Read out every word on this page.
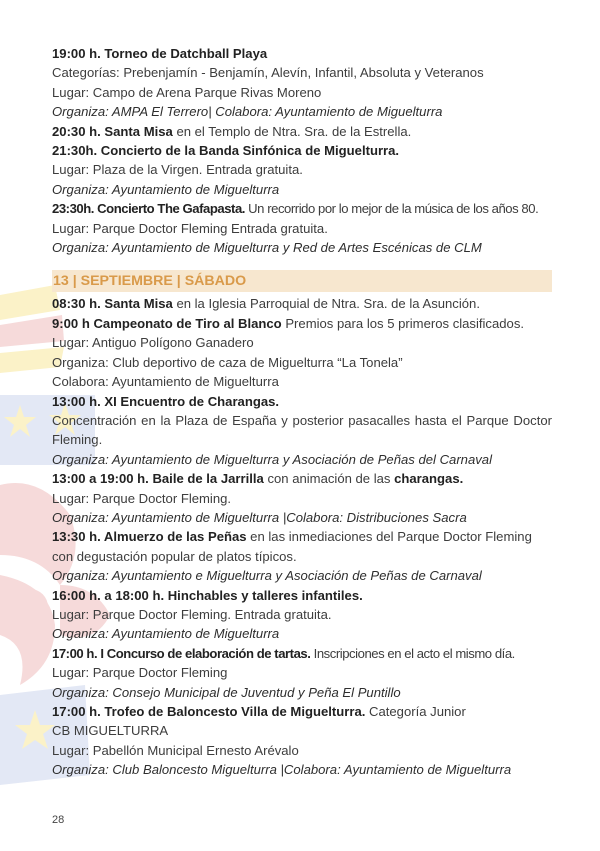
19:00 h. Torneo de Datchball Playa
Categorías: Prebenjamín - Benjamín, Alevín, Infantil, Absoluta y Veteranos
Lugar: Campo de Arena Parque Rivas Moreno
Organiza: AMPA El Terrero| Colabora: Ayuntamiento de Miguelturra
20:30 h. Santa Misa en el Templo de Ntra. Sra. de la Estrella.
21:30h. Concierto de la Banda Sinfónica de Miguelturra.
Lugar: Plaza de la Virgen. Entrada gratuita.
Organiza: Ayuntamiento de Miguelturra
23:30h. Concierto The Gafapasta. Un recorrido por lo mejor de la música de los años 80.
Lugar: Parque Doctor Fleming Entrada gratuita.
Organiza: Ayuntamiento de Miguelturra y Red de Artes Escénicas de CLM
13 | SEPTIEMBRE | SÁBADO
08:30 h. Santa Misa en la Iglesia Parroquial de Ntra. Sra. de la Asunción.
9:00 h Campeonato de Tiro al Blanco Premios para los 5 primeros clasificados.
Lugar: Antiguo Polígono Ganadero
Organiza: Club deportivo de caza de Miguelturra “La Tonela”
Colabora: Ayuntamiento de Miguelturra
13:00 h. XI Encuentro de Charangas.
Concentración en la Plaza de España y posterior pasacalles hasta el Parque Doctor Fleming.
Organiza: Ayuntamiento de Miguelturra y Asociación de Peñas del Carnaval
13:00 a 19:00 h. Baile de la Jarrilla con animación de las charangas.
Lugar: Parque Doctor Fleming.
Organiza: Ayuntamiento de Miguelturra |Colabora: Distribuciones Sacra
13:30 h. Almuerzo de las Peñas en las inmediaciones del Parque Doctor Fleming
con degustación popular de platos típicos.
Organiza: Ayuntamiento e Miguelturra y Asociación de Peñas de Carnaval
16:00 h. a 18:00 h. Hinchables y talleres infantiles.
Lugar: Parque Doctor Fleming. Entrada gratuita.
Organiza: Ayuntamiento de Miguelturra
17:00 h. I Concurso de elaboración de tartas. Inscripciones en el acto el mismo día.
Lugar: Parque Doctor Fleming
Organiza: Consejo Municipal de Juventud y Peña El Puntillo
17:00 h. Trofeo de Baloncesto Villa de Miguelturra. Categoría Junior
CB MIGUELTURRA
Lugar: Pabellón Municipal Ernesto Arévalo
Organiza: Club Baloncesto Miguelturra |Colabora: Ayuntamiento de Miguelturra
28
